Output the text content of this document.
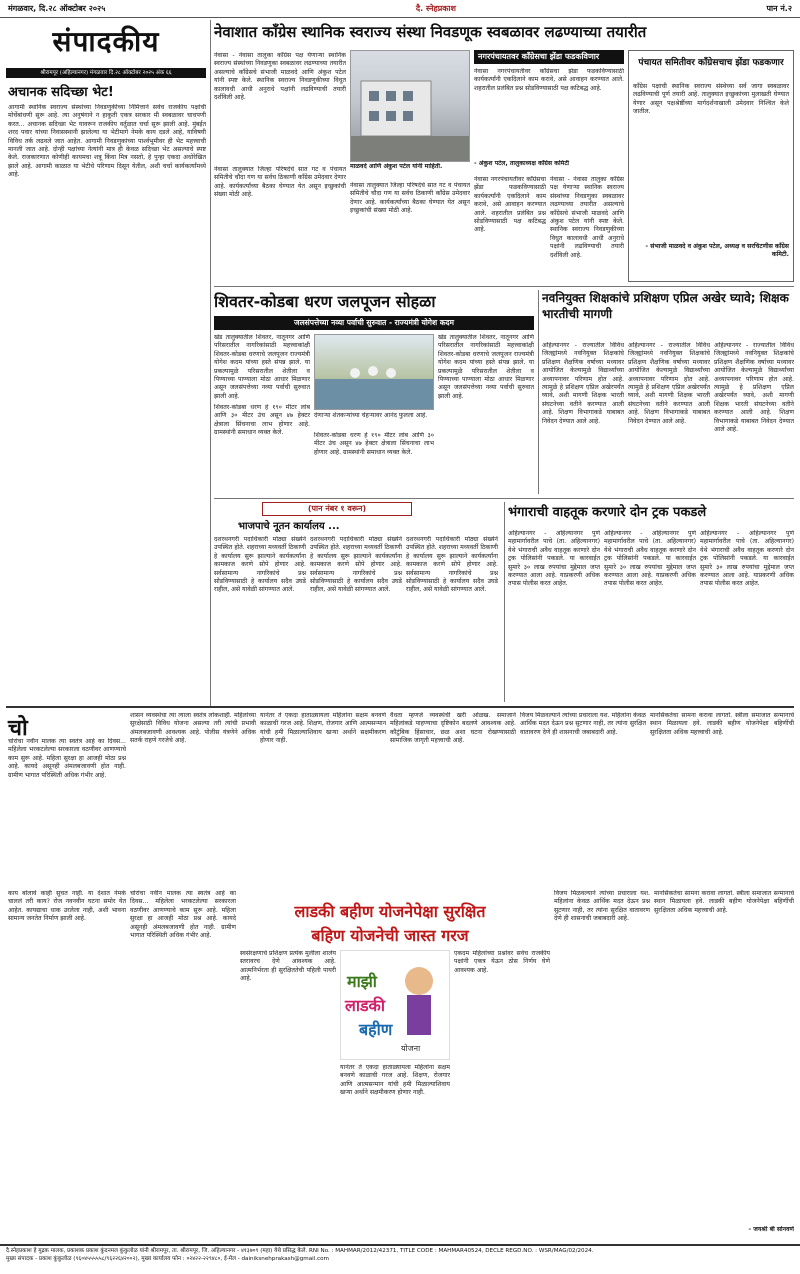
मंगळवार, दि.२८ ऑक्टोबर २०२५	दै. स्नेहप्रकाश	पान नं.२
संपादकीय
श्रीरामपूर (अहिल्यानगर) मंगळवार दि.२८ ऑक्टोबर २०२५ अंक ६६
अचानक सदिच्छा भेट!
आगामी स्थानिक स्वराज्य संस्थांच्या निवडणुकीच्या निमित्ताने सर्वच राजकीय पक्षांची मोर्चेबांधणी सुरू आहे. त्या अनुषंगाने न हाकुती एकत्र सरकार मी स्वबळावर चाचपणी करत... अचानक सदिच्छा भेट यावरून राजकीय वर्तुळात चर्चा सुरू झाली आहे. मुंबईत शरद पवार यांच्या निवासस्थानी झालेल्या या भेटीमागे नेमके काय दडले आहे, याविषयी विविध तर्क लढवले जात आहेत. आगामी निवडणुकांच्या पार्श्वभूमीवर ही भेट महत्त्वाची मानली जात आहे. दोन्ही पक्षांच्या नेत्यांनी मात्र ही केवळ सदिच्छा भेट असल्याचे स्पष्ट केले. राजकारणात कोणीही कायमचा शत्रू किंवा मित्र नसतो, हे पुन्हा एकदा अधोरेखित झाले आहे. आगामी काळात या भेटीचे परिणाम दिसून येतील, अशी चर्चा कार्यकर्त्यांमध्ये आहे.
नेवाशात काँग्रेस स्थानिक स्वराज्य संस्था निवडणूक स्वबळावर लढण्याच्या तयारीत
नेवासा - नेवासा तालुका काँग्रेस पक्ष येणाऱ्या स्थानिक स्वराज्य संस्थांच्या निवडणुका स्वबळावर लढण्याच्या तयारीत असल्याचे काँग्रेसचे संभाजी माळवदे आणि अंकुश पटेल यांनी स्पष्ट केले. स्थानिक स्वराज्य निवडणुकीच्या विधुत कालावधी आधी अनुराधे पक्षांनी लढविण्याची तयारी दर्शविली आहे.
माळवदे आणि अंकुश पटेल यांनी माहिती.
नेवासा तालुक्यात जिल्हा परिषदेचे सात गट व पंचायत समितीचे चौदा गण या सर्वच ठिकाणी काँग्रेस उमेदवार देणार आहे. कार्यकर्त्यांच्या बैठका घेण्यात येत असून इच्छुकांची संख्या मोठी आहे.
नेवासा तालुक्यात जिल्हा परिषदेचे सात गट व पंचायत समितीचे चौदा गण या सर्वच ठिकाणी काँग्रेस उमेदवार देणार आहे. कार्यकर्त्यांच्या बैठका घेण्यात येत असून इच्छुकांची संख्या मोठी आहे.
नगरपंचायतवर काँग्रेसचा झेंडा फडकविणार
नेवासा नगरपंचायतीवर काँग्रेसचा झेंडा फडकविण्यासाठी कार्यकर्त्यांनी एकदिलाने काम करावे, असे आवाहन करण्यात आले. शहरातील प्रलंबित प्रश्न सोडविण्यासाठी पक्ष कटिबद्ध आहे.
- अंकुश पटेल, तालुकाध्यक्ष काँग्रेस कमिटी
नेवासा नगरपंचायतीवर काँग्रेसचा झेंडा फडकविण्यासाठी कार्यकर्त्यांनी एकदिलाने काम करावे, असे आवाहन करण्यात आले. शहरातील प्रलंबित प्रश्न सोडविण्यासाठी पक्ष कटिबद्ध आहे.
नेवासा - नेवासा तालुका काँग्रेस पक्ष येणाऱ्या स्थानिक स्वराज्य संस्थांच्या निवडणुका स्वबळावर लढण्याच्या तयारीत असल्याचे काँग्रेसचे संभाजी माळवदे आणि अंकुश पटेल यांनी स्पष्ट केले. स्थानिक स्वराज्य निवडणुकीच्या विधुत कालावधी आधी अनुराधे पक्षांनी लढविण्याची तयारी दर्शविली आहे.
पंचायत समितीवर काँग्रेसचाच झेंडा फडकणार
काँग्रेस पक्षाची स्थानिक स्वराज्य संस्थेच्या सर्व जागा स्वबळावर लढविण्याची पूर्ण तयारी आहे. तालुक्यात इच्छुकांच्या मुलाखती घेण्यात येणार असून पक्षश्रेष्ठींच्या मार्गदर्शनाखाली उमेदवार निश्चित केले जातील.
- संभाजी माळवदे व अंकुश पटेल, अध्यक्ष व सरचिटणीस काँग्रेस कमिटी.
शिवतर-कोडबा धरण जलपूजन सोहळा
जलसंपत्तेच्या नव्या पर्वाची सुरुवात - राज्यमंत्री योगेश कदम
खेड तालुक्यातील शिवतर, नातूनगर आणि परिसरातील नागरिकांसाठी महत्त्वाकांक्षी शिवतर-कोडबा धरणाचे जलपूजन राज्यमंत्री योगेश कदम यांच्या हस्ते संपन्न झाले. या प्रकल्पामुळे परिसरातील शेतीला व पिण्याच्या पाण्याला मोठा आधार मिळणार असून जलसंपत्तेच्या नव्या पर्वाची सुरुवात झाली आहे.
देणाऱ्या शेतकऱ्यांच्या चेहऱ्यावर आनंद फुलला आहे.
शिवतर-कोडबा धरण हे १९० मीटर लांब आणि ३० मीटर उंच असून ४७ हेक्टर क्षेत्राला सिंचनाचा लाभ होणार आहे. ग्रामस्थांनी समाधान व्यक्त केले.	शिवतर-कोडबा धरण हे १९० मीटर लांब आणि ३० मीटर उंच असून ४७ हेक्टर क्षेत्राला सिंचनाचा लाभ होणार आहे. ग्रामस्थांनी समाधान व्यक्त केले.
खेड तालुक्यातील शिवतर, नातूनगर आणि परिसरातील नागरिकांसाठी महत्त्वाकांक्षी शिवतर-कोडबा धरणाचे जलपूजन राज्यमंत्री योगेश कदम यांच्या हस्ते संपन्न झाले. या प्रकल्पामुळे परिसरातील शेतीला व पिण्याच्या पाण्याला मोठा आधार मिळणार असून जलसंपत्तेच्या नव्या पर्वाची सुरुवात झाली आहे.
नवनियुक्त शिक्षकांचे प्रशिक्षण एप्रिल अखेर घ्यावे; शिक्षक भारतीची मागणी
अहिल्यानगर - राज्यातील विविध जिल्ह्यांमध्ये नवनियुक्त शिक्षकांचे प्रशिक्षण शैक्षणिक वर्षाच्या मध्यावर आयोजित केल्यामुळे विद्यार्थ्यांच्या अध्यापनावर परिणाम होत आहे. त्यामुळे हे प्रशिक्षण एप्रिल अखेरपर्यंत घ्यावे, अशी मागणी शिक्षक भारती संघटनेच्या वतीने करण्यात आली आहे. शिक्षण विभागाकडे याबाबत निवेदन देण्यात आले आहे.
अहिल्यानगर - राज्यातील विविध जिल्ह्यांमध्ये नवनियुक्त शिक्षकांचे प्रशिक्षण शैक्षणिक वर्षाच्या मध्यावर आयोजित केल्यामुळे विद्यार्थ्यांच्या अध्यापनावर परिणाम होत आहे. त्यामुळे हे प्रशिक्षण एप्रिल अखेरपर्यंत घ्यावे, अशी मागणी शिक्षक भारती संघटनेच्या वतीने करण्यात आली आहे. शिक्षण विभागाकडे याबाबत निवेदन देण्यात आले आहे.
अहिल्यानगर - राज्यातील विविध जिल्ह्यांमध्ये नवनियुक्त शिक्षकांचे प्रशिक्षण शैक्षणिक वर्षाच्या मध्यावर आयोजित केल्यामुळे विद्यार्थ्यांच्या अध्यापनावर परिणाम होत आहे. त्यामुळे हे प्रशिक्षण एप्रिल अखेरपर्यंत घ्यावे, अशी मागणी शिक्षक भारती संघटनेच्या वतीने करण्यात आली आहे. शिक्षण विभागाकडे याबाबत निवेदन देण्यात आले आहे.
(पान नंबर १ वरून)
भाजपाचे नूतन कार्यालय ...
दशरथनगरी पदाधिकारी मोठ्या संख्येने उपस्थित होते. शहराच्या मध्यवर्ती ठिकाणी हे कार्यालय सुरू झाल्याने कार्यकर्त्यांना कामकाज करणे सोपे होणार आहे. सर्वसामान्य नागरिकांचे प्रश्न सोडविण्यासाठी हे कार्यालय सदैव उघडे राहील, असे यावेळी सांगण्यात आले.
दशरथनगरी पदाधिकारी मोठ्या संख्येने उपस्थित होते. शहराच्या मध्यवर्ती ठिकाणी हे कार्यालय सुरू झाल्याने कार्यकर्त्यांना कामकाज करणे सोपे होणार आहे. सर्वसामान्य नागरिकांचे प्रश्न सोडविण्यासाठी हे कार्यालय सदैव उघडे राहील, असे यावेळी सांगण्यात आले.
दशरथनगरी पदाधिकारी मोठ्या संख्येने उपस्थित होते. शहराच्या मध्यवर्ती ठिकाणी हे कार्यालय सुरू झाल्याने कार्यकर्त्यांना कामकाज करणे सोपे होणार आहे. सर्वसामान्य नागरिकांचे प्रश्न सोडविण्यासाठी हे कार्यालय सदैव उघडे राहील, असे यावेळी सांगण्यात आले.
भंगाराची वाहतूक करणारे दोन ट्रक पकडले
अहिल्यानगर - अहिल्यानगर पुणे महामार्गावरील पाचे (ता. अहिल्यानगर) येथे भंगाराची अवैध वाहतूक करणारे दोन ट्रक पोलिसांनी पकडले. या कारवाईत सुमारे ३० लाख रुपयांचा मुद्देमाल जप्त करण्यात आला आहे. याप्रकरणी अधिक तपास पोलीस करत आहेत.
अहिल्यानगर - अहिल्यानगर पुणे महामार्गावरील पाचे (ता. अहिल्यानगर) येथे भंगाराची अवैध वाहतूक करणारे दोन ट्रक पोलिसांनी पकडले. या कारवाईत सुमारे ३० लाख रुपयांचा मुद्देमाल जप्त करण्यात आला आहे. याप्रकरणी अधिक तपास पोलीस करत आहेत.
अहिल्यानगर - अहिल्यानगर पुणे महामार्गावरील पाचे (ता. अहिल्यानगर) येथे भंगाराची अवैध वाहतूक करणारे दोन ट्रक पोलिसांनी पकडले. या कारवाईत सुमारे ३० लाख रुपयांचा मुद्देमाल जप्त करण्यात आला आहे. याप्रकरणी अधिक तपास पोलीस करत आहेत.
चो
चोरांचा नवीन मालक त्या स्वतंत्र आहे का दिवस... महिलेला भरकटलेल्या सरकारला वठणीवर आणण्याचे काम सुरू आहे. महिला सुरक्षा हा आजही मोठा प्रश्न आहे. कायदे असूनही अंमलबजावणी होत नाही. ग्रामीण भागात परिस्थिती अधिक गंभीर आहे.
शासन व्यवस्थेचा त्या त्याला स्वतंत्र लोकशाही. महिलांच्या सुरक्षेसाठी विविध योजना असल्या तरी त्यांची प्रभावी अंमलबजावणी आवश्यक आहे. पोलीस यंत्रणेने अधिक सतर्क राहणे गरजेचे आहे.
यानंतर ते एकदा हाताळ्यायला महिलांना सक्षम बनवणे काळाची गरज आहे. शिक्षण, रोजगार आणि आत्मसन्मान यांची हमी मिळाल्याशिवाय खऱ्या अर्थाने सक्षमीकरण होणार नाही.
वैधता म्हणजे व्यवस्थेची खरी ओळख. समाजाने महिलांकडे पाहण्याचा दृष्टिकोन बदलणे आवश्यक आहे. कौटुंबिक हिंसाचार, छळ अशा घटना रोखण्यासाठी सामाजिक जागृती महत्त्वाची आहे.
विजय मिळवल्याने त्यांच्या प्रचाराला यश. महिलांना केवळ आर्थिक मदत देऊन प्रश्न सुटणार नाही, तर त्यांना सुरक्षित वातावरण देणे ही शासनाची जबाबदारी आहे.
मानसिकतेचा सामना करावा लागतो. स्त्रीला समाजात सन्मानाचे स्थान मिळायला हवे. लाडकी बहीण योजनेपेक्षा बहिणींची सुरक्षितता अधिक महत्त्वाची आहे.
लाडकी बहीण योजनेपेक्षा सुरक्षित
बहिण योजनेची जास्त गरज
काय बोलावे काही सुचत नाही. या देशात नेमकं चाललं तरी काय? रोज नवनवीन घटना समोर येत आहेत. कायद्याचा धाक उरलेला नाही, अशी भावना सामान्य जनतेत निर्माण झाली आहे.
चोरांचा नवीन मालक त्या स्वतंत्र आहे का दिवस... महिलेला भरकटलेल्या सरकारला वठणीवर आणण्याचे काम सुरू आहे. महिला सुरक्षा हा आजही मोठा प्रश्न आहे. कायदे असूनही अंमलबजावणी होत नाही. ग्रामीण भागात परिस्थिती अधिक गंभीर आहे.
स्वसंरक्षणाचे प्रशिक्षण प्रत्येक मुलीला शालेय स्तरावरच देणे आवश्यक आहे. आत्मनिर्भरता ही सुरक्षिततेची पहिली पायरी आहे.	माझी
लाडकी
बहीण
योजना
एकदम महिलांच्या प्रश्नांवर सर्वच राजकीय पक्षांनी एकत्र येऊन ठोस निर्णय घेणे आवश्यक आहे.
विजय मिळवल्याने त्यांच्या प्रचाराला यश. महिलांना केवळ आर्थिक मदत देऊन प्रश्न सुटणार नाही, तर त्यांना सुरक्षित वातावरण देणे ही शासनाची जबाबदारी आहे.
मानसिकतेचा सामना करावा लागतो. स्त्रीला समाजात सन्मानाचे स्थान मिळायला हवे. लाडकी बहीण योजनेपेक्षा बहिणींची सुरक्षितता अधिक महत्त्वाची आहे.
- जयश्री बी सोनवणे
यानंतर ते एकदा हाताळ्यायला महिलांना सक्षम बनवणे काळाची गरज आहे. शिक्षण, रोजगार आणि आत्मसन्मान यांची हमी मिळाल्याशिवाय खऱ्या अर्थाने सक्षमीकरण होणार नाही.
दै.स्नेहप्रकाश हे मुद्रक मालक, प्रकाशक प्रकाश कुंदनमल कुंकुलोळ यांनी श्रीरामपूर, ता. श्रीरामपूर, जि. अहिल्यानगर - ४१३७०९ (महा) येथे प्रसिद्ध केले. RNI No. : MAHMAR/2012/42371, TITLE CODE : MAHMAR40524, DECLE REGD.NO. : WSR/MAG/02/2024.
मुख्य संपादक - प्रकाश कुंकुलोळ (९६०४५५५५५८/९६२२६४२००२), मुख्य कार्यालय फोन : ०२४२२-२२९४८०, ई-मेल - dainiksnehprakash@gmail.com
